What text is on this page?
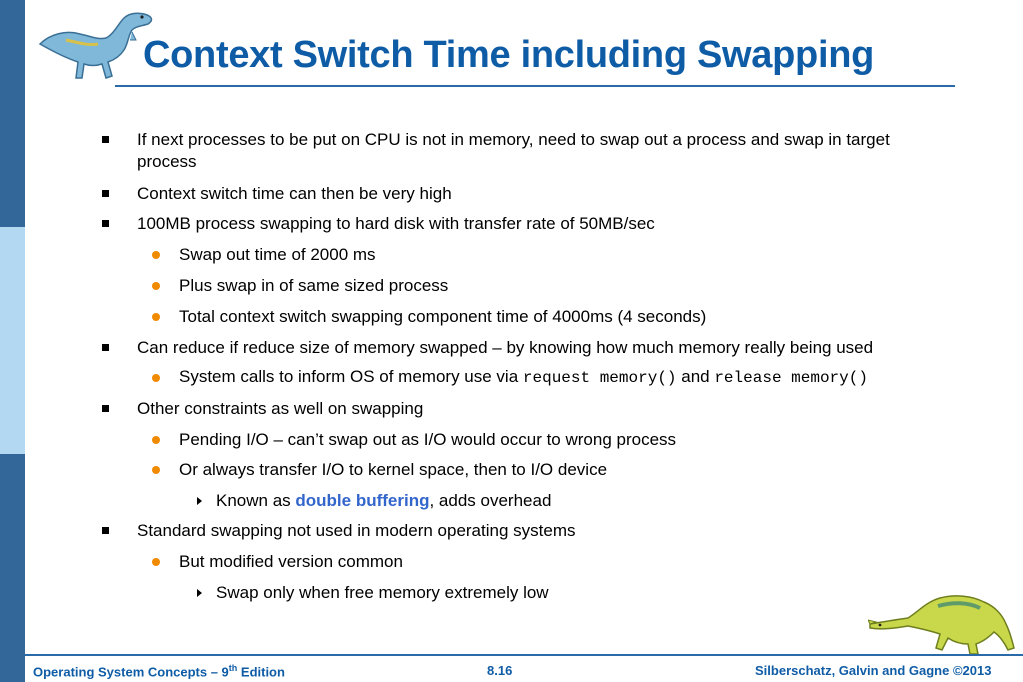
Context Switch Time including Swapping
If next processes to be put on CPU is not in memory, need to swap out a process and swap in target
process
Context switch time can then be very high
100MB process swapping to hard disk with transfer rate of 50MB/sec
Swap out time of 2000 ms
Plus swap in of same sized process
Total context switch swapping component time of 4000ms (4 seconds)
Can reduce if reduce size of memory swapped – by knowing how much memory really being used
System calls to inform OS of memory use via request memory() and release memory()
Other constraints as well on swapping
Pending I/O – can’t swap out as I/O would occur to wrong process
Or always transfer I/O to kernel space, then to I/O device
Known as double buffering, adds overhead
Standard swapping not used in modern operating systems
But modified version common
Swap only when free memory extremely low
Operating System Concepts – 9th Edition	8.16	Silberschatz, Galvin and Gagne ©2013
